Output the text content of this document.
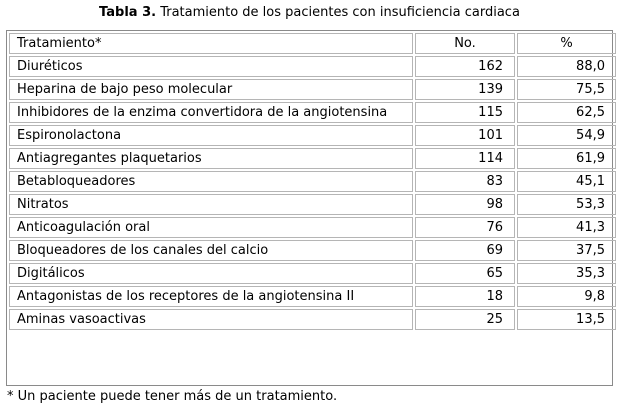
Tabla 3. Tratamiento de los pacientes con insuficiencia cardiaca
Tratamiento*	No.	%
Diuréticos	162	88,0
Heparina de bajo peso molecular	139	75,5
Inhibidores de la enzima convertidora de la angiotensina	115	62,5
Espironolactona	101	54,9
Antiagregantes plaquetarios	114	61,9
Betabloqueadores	83	45,1
Nitratos	98	53,3
Anticoagulación oral	76	41,3
Bloqueadores de los canales del calcio	69	37,5
Digitálicos	65	35,3
Antagonistas de los receptores de la angiotensina II	18	9,8
Aminas vasoactivas	25	13,5
* Un paciente puede tener más de un tratamiento.
